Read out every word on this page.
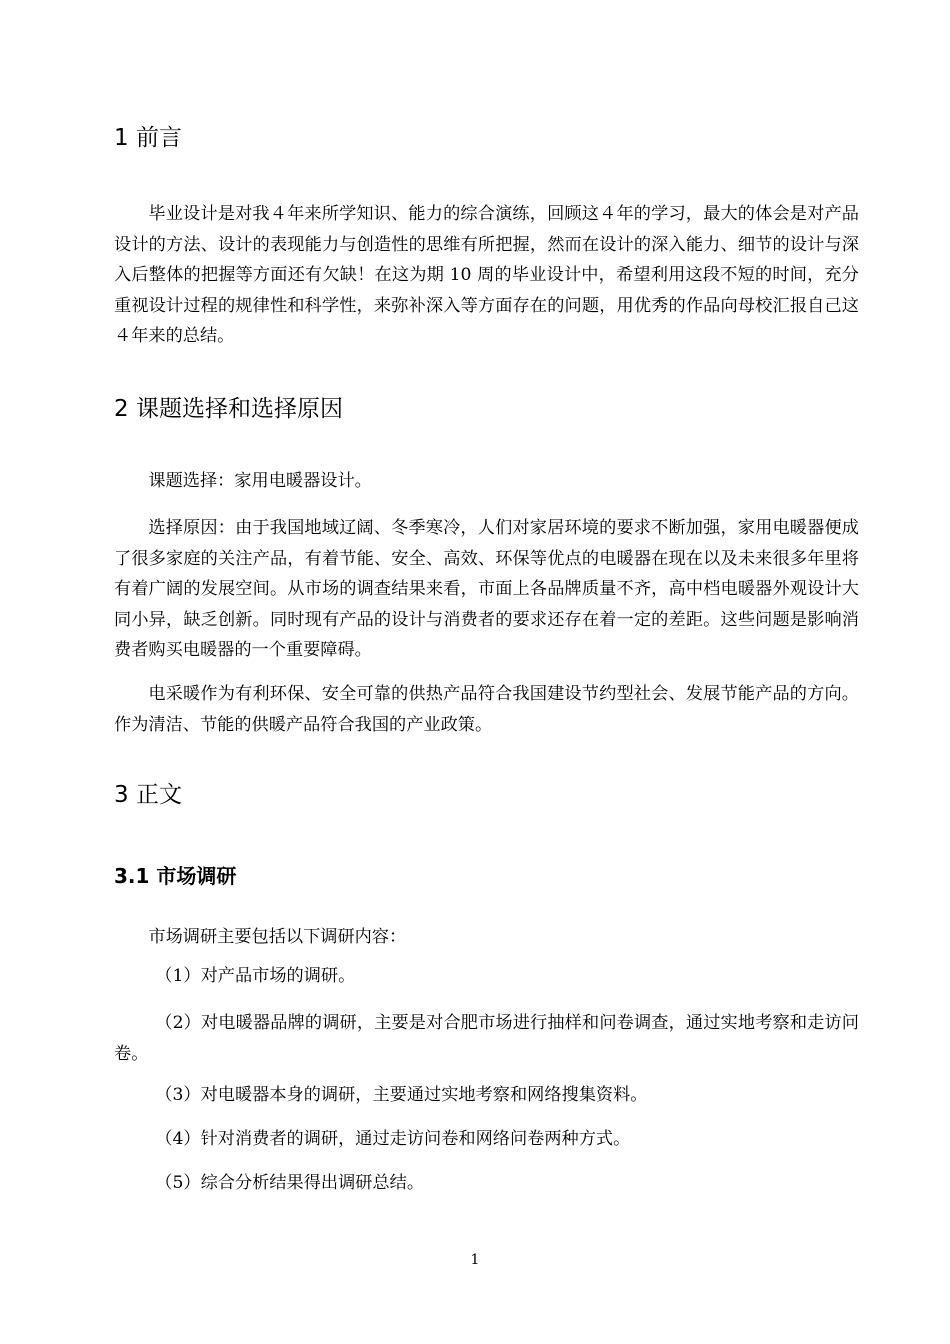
1 前言

毕业设计是对我４年来所学知识、能力的综合演练，回顾这４年的学习，最大的体会是对产品设计的方法、设计的表现能力与创造性的思维有所把握，然而在设计的深入能力、细节的设计与深入后整体的把握等方面还有欠缺！在这为期 10 周的毕业设计中，希望利用这段不短的时间，充分重视设计过程的规律性和科学性，来弥补深入等方面存在的问题，用优秀的作品向母校汇报自己这４年来的总结。

2 课题选择和选择原因

课题选择：家用电暖器设计。

选择原因：由于我国地域辽阔、冬季寒冷，人们对家居环境的要求不断加强，家用电暖器便成了很多家庭的关注产品，有着节能、安全、高效、环保等优点的电暖器在现在以及未来很多年里将有着广阔的发展空间。从市场的调查结果来看，市面上各品牌质量不齐，高中档电暖器外观设计大同小异，缺乏创新。同时现有产品的设计与消费者的要求还存在着一定的差距。这些问题是影响消费者购买电暖器的一个重要障碍。

电采暖作为有利环保、安全可靠的供热产品符合我国建设节约型社会、发展节能产品的方向。作为清洁、节能的供暖产品符合我国的产业政策。

3 正文
3.1 市场调研

市场调研主要包括以下调研内容：

（1）对产品市场的调研。

（2）对电暖器品牌的调研，主要是对合肥市场进行抽样和问卷调查，通过实地考察和走访问卷。

（3）对电暖器本身的调研，主要通过实地考察和网络搜集资料。

（4）针对消费者的调研，通过走访问卷和网络问卷两种方式。

（5）综合分析结果得出调研总结。

1
